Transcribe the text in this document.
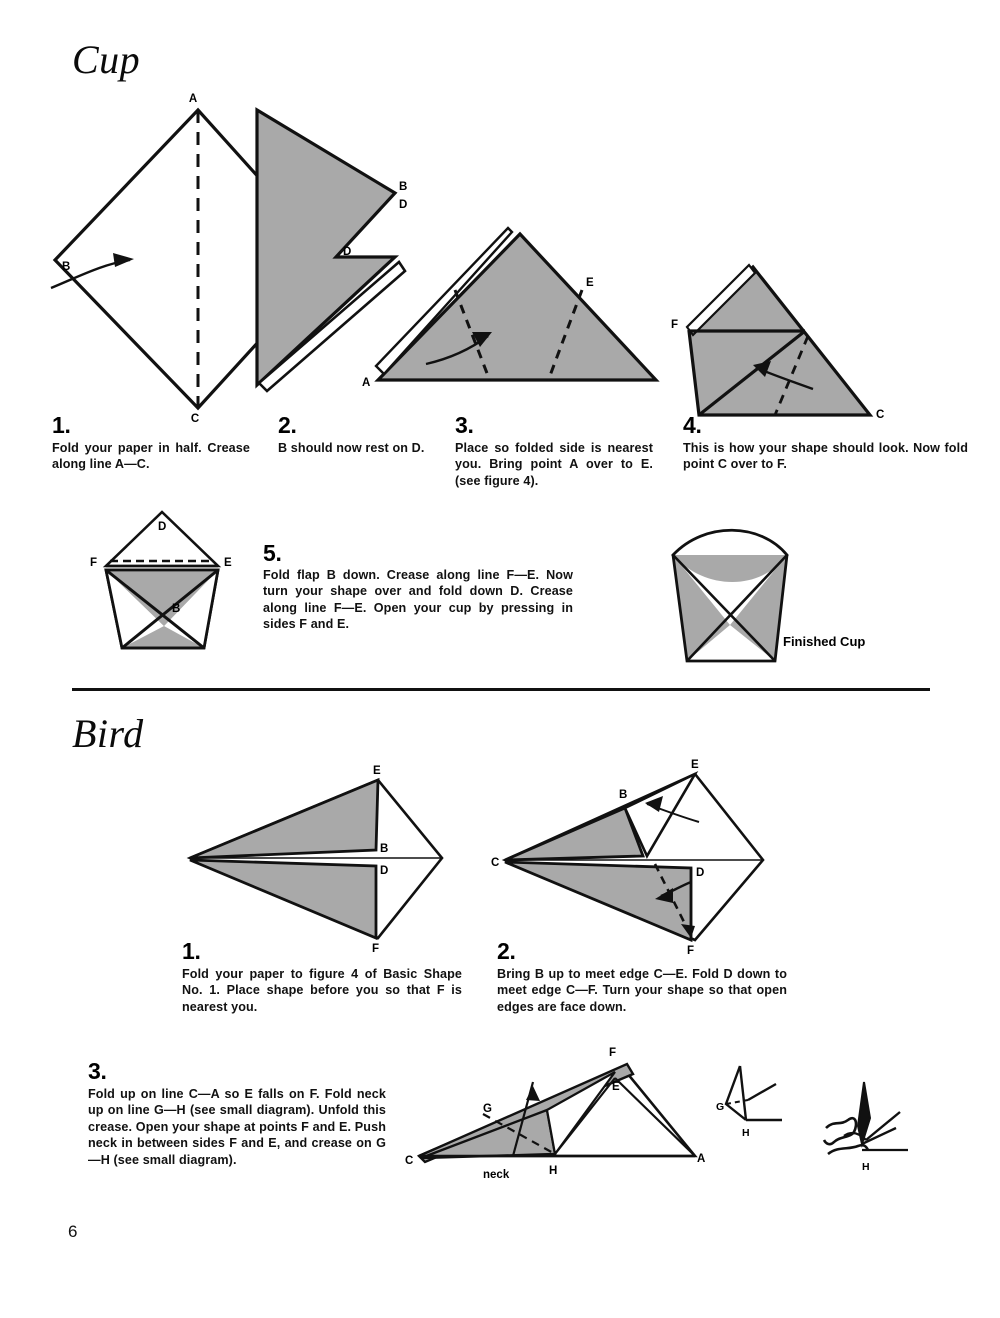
Cup
A
B
C
D
B
D
E
A
F
C
1.
Fold your paper in half. Crease along line A—C.
2.
B should now rest on D.
3.
Place so folded side is nearest you. Bring point A over to E. (see figure 4).
4.
This is how your shape should look. Now fold point C over to F.
D
F	E
B
5.
Fold flap B down. Crease along line F—E. Now turn your shape over and fold down D. Crease along line F—E. Open your cup by pressing in sides F and E.
Finished Cup
Bird
E
B
D
F
E
B
C
D
F
1.
Fold your paper to figure 4 of Basic Shape No. 1. Place shape before you so that F is nearest you.
2.
Bring B up to meet edge C—E. Fold D down to meet edge C—F. Turn your shape so that open edges are face down.
3.
Fold up on line C—A so E falls on F. Fold neck up on line G—H (see small diagram). Unfold this crease. Open your shape at points F and E. Push neck in between sides F and E, and crease on G—H (see small diagram).
F
E
G
C
H
A
neck
G
H
H
6
